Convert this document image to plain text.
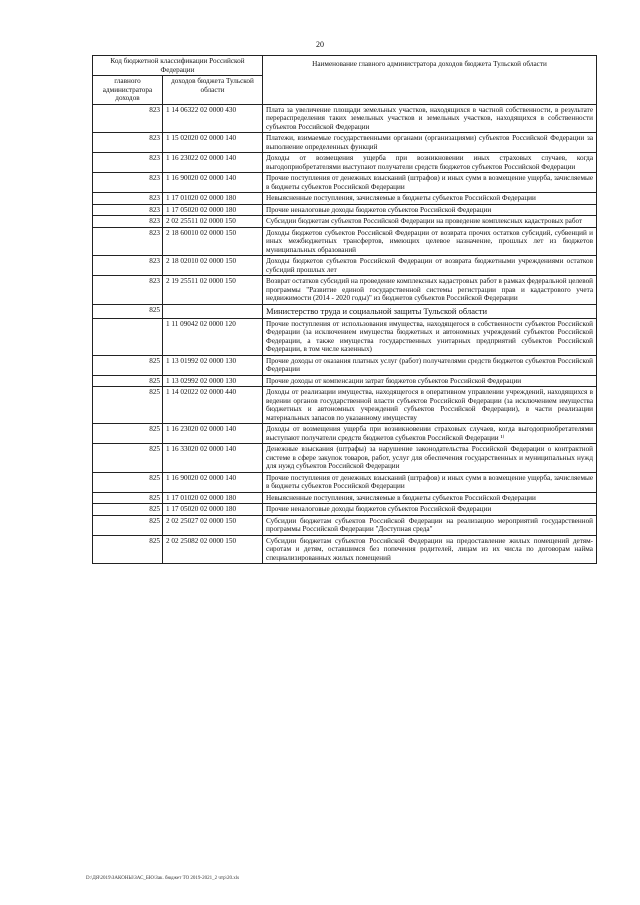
20
Код бюджетной классификации Российской Федерации		Наименование главного администратора доходов бюджета Тульской области
главного администратора доходов	доходов бюджета Тульской области	
823	1 14 06322 02 0000 430	Плата за увеличение площади земельных участков, находящихся в частной собственности, в результате перераспределения таких земельных участков и земельных участков, находящихся в собственности субъектов Российской Федерации
823	1 15 02020 02 0000 140	Платежи, взимаемые государственными органами (организациями) субъектов Российской Федерации за выполнение определенных функций
823	1 16 23022 02 0000 140	Доходы от возмещения ущерба при возникновении иных страховых случаев, когда выгодоприобретателями выступают получатели средств бюджетов субъектов Российской Федерации
823	1 16 90020 02 0000 140	Прочие поступления от денежных взысканий (штрафов) и иных сумм в возмещение ущерба, зачисляемые в бюджеты субъектов Российской Федерации
823	1 17 01020 02 0000 180	Невыясненные поступления, зачисляемые в бюджеты субъектов Российской Федерации
823	1 17 05020 02 0000 180	Прочие неналоговые доходы бюджетов субъектов Российской Федерации
823	2 02 25511 02 0000 150	Субсидии бюджетам субъектов Российской Федерации на проведение комплексных кадастровых работ
823	2 18 60010 02 0000 150	Доходы бюджетов субъектов Российской Федерации от возврата прочих остатков субсидий, субвенций и иных межбюджетных трансфертов, имеющих целевое назначение, прошлых лет из бюджетов муниципальных образований
823	2 18 02010 02 0000 150	Доходы бюджетов субъектов Российской Федерации от возврата бюджетными учреждениями остатков субсидий прошлых лет
823	2 19 25511 02 0000 150	Возврат остатков субсидий на проведение комплексных кадастровых работ в рамках федеральной целевой программы "Развитие единой государственной системы регистрации прав и кадастрового учета недвижимости (2014 - 2020 годы)" из бюджетов субъектов Российской Федерации
825		Министерство труда и социальной защиты Тульской области
	1 11 09042 02 0000 120	Прочие поступления от использования имущества, находящегося в собственности субъектов Российской Федерации (за исключением имущества бюджетных и автономных учреждений субъектов Российской Федерации, а также имущества государственных унитарных предприятий субъектов Российской Федерации, в том числе казенных)
825	1 13 01992 02 0000 130	Прочие доходы от оказания платных услуг (работ) получателями средств бюджетов субъектов Российской Федерации
825	1 13 02992 02 0000 130	Прочие доходы от компенсации затрат бюджетов субъектов Российской Федерации
825	1 14 02022 02 0000 440	Доходы от реализации имущества, находящегося в оперативном управлении учреждений, находящихся в ведении органов государственной власти субъектов Российской Федерации (за исключением имущества бюджетных и автономных учреждений субъектов Российской Федерации), в части реализации материальных запасов по указанному имуществу
825	1 16 23020 02 0000 140	Доходы от возмещения ущерба при возникновении страховых случаев, когда выгодоприобретателями выступают получатели средств бюджетов субъектов Российской Федерации ¹⁾
825	1 16 33020 02 0000 140	Денежные взыскания (штрафы) за нарушение законодательства Российской Федерации о контрактной системе в сфере закупок товаров, работ, услуг для обеспечения государственных и муниципальных нужд для нужд субъектов Российской Федерации
825	1 16 90020 02 0000 140	Прочие поступления от денежных взысканий (штрафов) и иных сумм в возмещение ущерба, зачисляемые в бюджеты субъектов Российской Федерации
825	1 17 01020 02 0000 180	Невыясненные поступления, зачисляемые в бюджеты субъектов Российской Федерации
825	1 17 05020 02 0000 180	Прочие неналоговые доходы бюджетов субъектов Российской Федерации
825	2 02 25027 02 0000 150	Субсидии бюджетам субъектов Российской Федерации на реализацию мероприятий государственной программы Российской Федерации "Доступная среда"
825	2 02 25082 02 0000 150	Субсидии бюджетам субъектов Российской Федерации на предоставление жилых помещений детям-сиротам и детям, оставшимся без попечения родителей, лицам из их числа по договорам найма специализированных жилых помещений
D:\ДЯ\2019\ЗАКОНЫ\ЗАС_БЮ\Зак. бюджет ТО 2019-2021_2 чтр\20.xls
